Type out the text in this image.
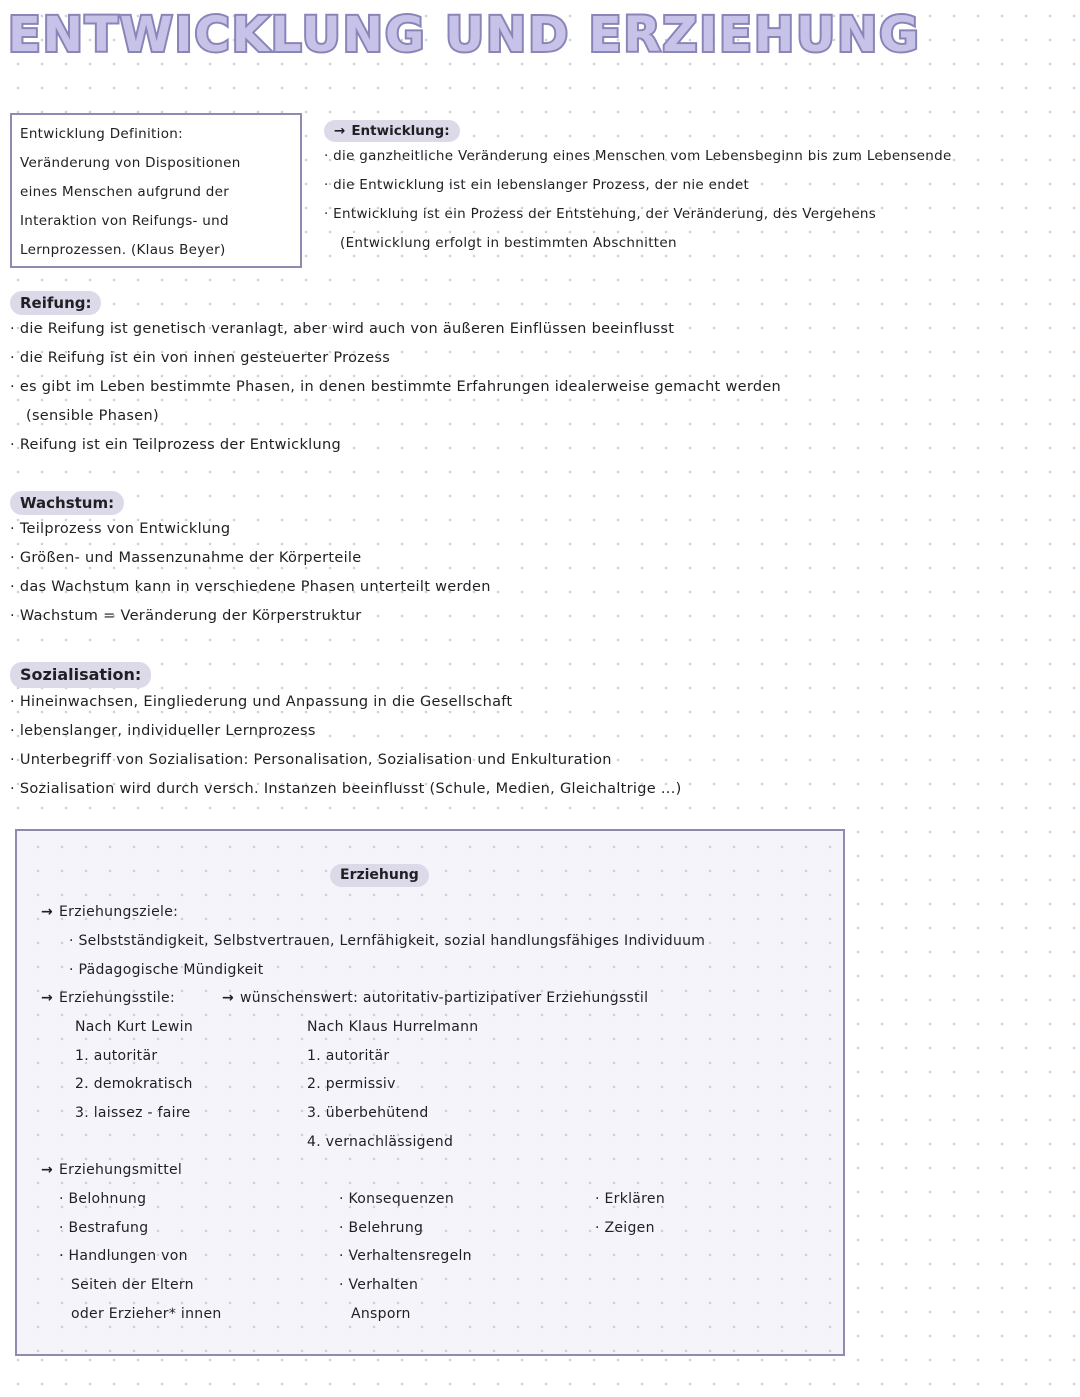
ENTWICKLUNG UND ERZIEHUNG
Entwicklung Definition:
Veränderung von Dispositionen
eines Menschen aufgrund der
Interaktion von Reifungs- und
Lernprozessen. (Klaus Beyer)
→ Entwicklung:
· die ganzheitliche Veränderung eines Menschen vom Lebensbeginn bis zum Lebensende
· die Entwicklung ist ein lebenslanger Prozess, der nie endet
· Entwicklung ist ein Prozess der Entstehung, der Veränderung, des Vergehens
(Entwicklung erfolgt in bestimmten Abschnitten
Reifung:
· die Reifung ist genetisch veranlagt, aber wird auch von äußeren Einflüssen beeinflusst
· die Reifung ist ein von innen gesteuerter Prozess
· es gibt im Leben bestimmte Phasen, in denen bestimmte Erfahrungen idealerweise gemacht werden
(sensible Phasen)
· Reifung ist ein Teilprozess der Entwicklung
Wachstum:
· Teilprozess von Entwicklung
· Größen- und Massenzunahme der Körperteile
· das Wachstum kann in verschiedene Phasen unterteilt werden
· Wachstum = Veränderung der Körperstruktur
Sozialisation:
· Hineinwachsen, Eingliederung und Anpassung in die Gesellschaft
· lebenslanger, individueller Lernprozess
· Unterbegriff von Sozialisation: Personalisation, Sozialisation und Enkulturation
· Sozialisation wird durch versch. Instanzen beeinflusst (Schule, Medien, Gleichaltrige ...)
Erziehung
→ Erziehungsziele:
· Selbstständigkeit, Selbstvertrauen, Lernfähigkeit, sozial handlungsfähiges Individuum
· Pädagogische Mündigkeit
→ Erziehungsstile:	→ wünschenswert: autoritativ-partizipativer Erziehungsstil
Nach Kurt Lewin
1. autoritär
2. demokratisch
3. laissez - faire
Nach Klaus Hurrelmann
1. autoritär
2. permissiv
3. überbehütend
4. vernachlässigend
→ Erziehungsmittel
· Belohnung
· Bestrafung
· Handlungen von
Seiten der Eltern
oder Erzieher* innen
· Konsequenzen
· Belehrung
· Verhaltensregeln
· Verhalten
Ansporn
· Erklären
· Zeigen
